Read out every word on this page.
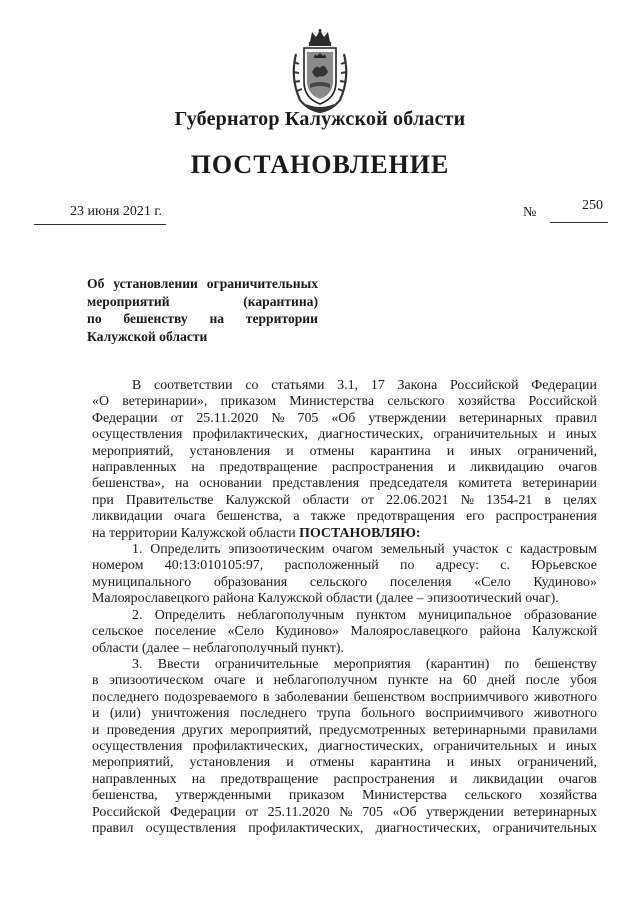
Губернатор Калужской области
ПОСТАНОВЛЕНИЕ
23 июня 2021 г.	№	250
Об установлении ограничительных
мероприятий	(карантина)
по бешенству на территории
Калужской области
В соответствии со статьями 3.1, 17 Закона Российской Федерации
«О ветеринарии», приказом Министерства сельского хозяйства Российской
Федерации от 25.11.2020 № 705 «Об утверждении ветеринарных правил
осуществления профилактических, диагностических, ограничительных и иных
мероприятий, установления и отмены карантина и иных ограничений,
направленных на предотвращение распространения и ликвидацию очагов
бешенства», на основании представления председателя комитета ветеринарии
при Правительстве Калужской области от 22.06.2021 № 1354-21 в целях
ликвидации очага бешенства, а также предотвращения его распространения
на территории Калужской области ПОСТАНОВЛЯЮ:
1. Определить эпизоотическим очагом земельный участок с кадастровым
номером 40:13:010105:97, расположенный по адресу: с. Юрьевское
муниципального образования сельского поселения «Село Кудиново»
Малоярославецкого района Калужской области (далее – эпизоотический очаг).
2. Определить неблагополучным пунктом муниципальное образование
сельское поселение «Село Кудиново» Малоярославецкого района Калужской
области (далее – неблагополучный пункт).
3. Ввести ограничительные мероприятия (карантин) по бешенству
в эпизоотическом очаге и неблагополучном пункте на 60 дней после убоя
последнего подозреваемого в заболевании бешенством восприимчивого животного
и (или) уничтожения последнего трупа больного восприимчивого животного
и проведения других мероприятий, предусмотренных ветеринарными правилами
осуществления профилактических, диагностических, ограничительных и иных
мероприятий, установления и отмены карантина и иных ограничений,
направленных на предотвращение распространения и ликвидации очагов
бешенства, утвержденными приказом Министерства сельского хозяйства
Российской Федерации от 25.11.2020 № 705 «Об утверждении ветеринарных
правил осуществления профилактических, диагностических, ограничительных
